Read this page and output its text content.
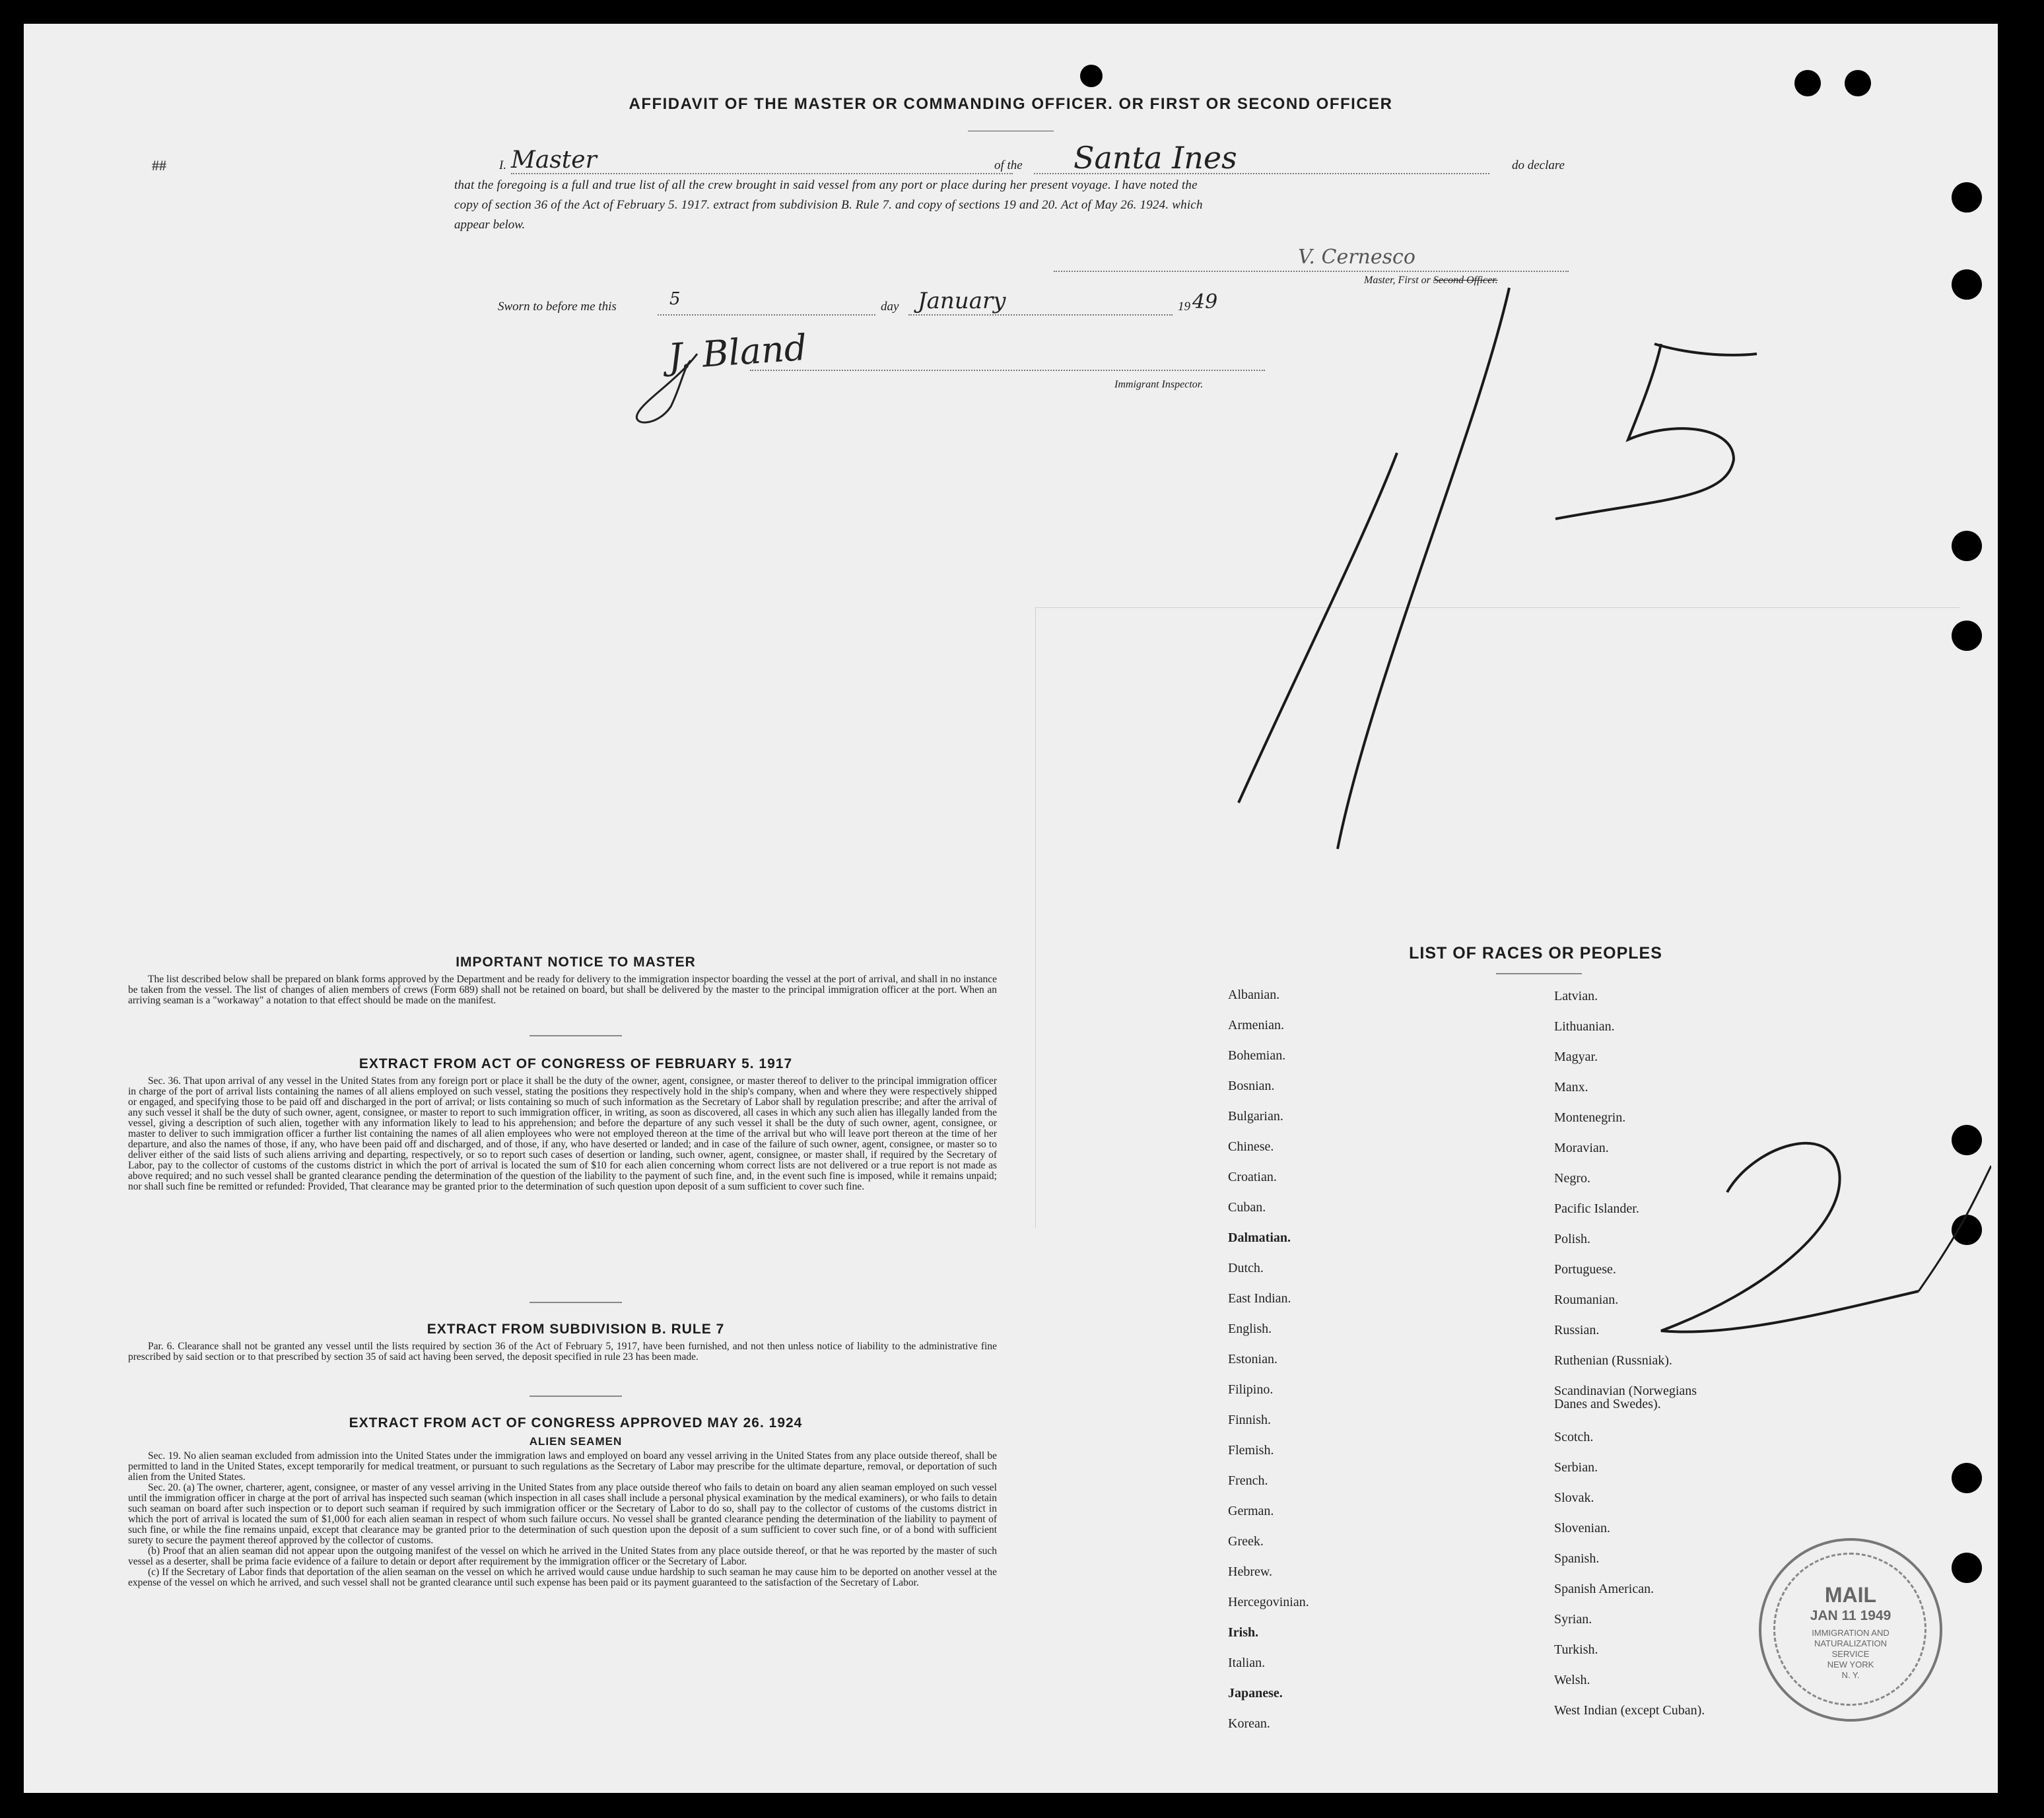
AFFIDAVIT OF THE MASTER OR COMMANDING OFFICER. OR FIRST OR SECOND OFFICER
##	I. Master	of the Santa Ines	do declare
that the foregoing is a full and true list of all the crew brought in said vessel from any port or place during her present voyage. I have noted the
copy of section 36 of the Act of February 5. 1917. extract from subdivision B. Rule 7. and copy of sections 19 and 20. Act of May 26. 1924. which
appear below.
V. Cernesco
Master, First or Second Officer.
Sworn to before me this	5	day January	19 49
J. Bland
Immigrant Inspector.
IMPORTANT NOTICE TO MASTER
The list described below shall be prepared on blank forms approved by the Department and be ready for delivery to the immigration inspector boarding the vessel at the port of arrival, and shall in no instance be taken from the vessel. The list of changes of alien members of crews (Form 689) shall not be retained on board, but shall be delivered by the master to the principal immigration officer at the port. When an arriving seaman is a "workaway" a notation to that effect should be made on the manifest.
EXTRACT FROM ACT OF CONGRESS OF FEBRUARY 5. 1917
Sec. 36. That upon arrival of any vessel in the United States from any foreign port or place it shall be the duty of the owner, agent, consignee, or master thereof to deliver to the principal immigration officer in charge of the port of arrival lists containing the names of all aliens employed on such vessel, stating the positions they respectively hold in the ship's company, when and where they were respectively shipped or engaged, and specifying those to be paid off and discharged in the port of arrival; or lists containing so much of such information as the Secretary of Labor shall by regulation prescribe; and after the arrival of any such vessel it shall be the duty of such owner, agent, consignee, or master to report to such immigration officer, in writing, as soon as discovered, all cases in which any such alien has illegally landed from the vessel, giving a description of such alien, together with any information likely to lead to his apprehension; and before the departure of any such vessel it shall be the duty of such owner, agent, consignee, or master to deliver to such immigration officer a further list containing the names of all alien employees who were not employed thereon at the time of the arrival but who will leave port thereon at the time of her departure, and also the names of those, if any, who have been paid off and discharged, and of those, if any, who have deserted or landed; and in case of the failure of such owner, agent, consignee, or master so to deliver either of the said lists of such aliens arriving and departing, respectively, or so to report such cases of desertion or landing, such owner, agent, consignee, or master shall, if required by the Secretary of Labor, pay to the collector of customs of the customs district in which the port of arrival is located the sum of $10 for each alien concerning whom correct lists are not delivered or a true report is not made as above required; and no such vessel shall be granted clearance pending the determination of the question of the liability to the payment of such fine, and, in the event such fine is imposed, while it remains unpaid; nor shall such fine be remitted or refunded: Provided, That clearance may be granted prior to the determination of such question upon deposit of a sum sufficient to cover such fine.
EXTRACT FROM SUBDIVISION B. RULE 7
Par. 6. Clearance shall not be granted any vessel until the lists required by section 36 of the Act of February 5, 1917, have been furnished, and not then unless notice of liability to the administrative fine prescribed by said section or to that prescribed by section 35 of said act having been served, the deposit specified in rule 23 has been made.
EXTRACT FROM ACT OF CONGRESS APPROVED MAY 26. 1924
ALIEN SEAMEN
Sec. 19. No alien seaman excluded from admission into the United States under the immigration laws and employed on board any vessel arriving in the United States from any place outside thereof, shall be permitted to land in the United States, except temporarily for medical treatment, or pursuant to such regulations as the Secretary of Labor may prescribe for the ultimate departure, removal, or deportation of such alien from the United States.
Sec. 20. (a) The owner, charterer, agent, consignee, or master of any vessel arriving in the United States from any place outside thereof who fails to detain on board any alien seaman employed on such vessel until the immigration officer in charge at the port of arrival has inspected such seaman (which inspection in all cases shall include a personal physical examination by the medical examiners), or who fails to detain such seaman on board after such inspection or to deport such seaman if required by such immigration officer or the Secretary of Labor to do so, shall pay to the collector of customs of the customs district in which the port of arrival is located the sum of $1,000 for each alien seaman in respect of whom such failure occurs. No vessel shall be granted clearance pending the determination of the liability to payment of such fine, or while the fine remains unpaid, except that clearance may be granted prior to the determination of such question upon the deposit of a sum sufficient to cover such fine, or of a bond with sufficient surety to secure the payment thereof approved by the collector of customs.
(b) Proof that an alien seaman did not appear upon the outgoing manifest of the vessel on which he arrived in the United States from any place outside thereof, or that he was reported by the master of such vessel as a deserter, shall be prima facie evidence of a failure to detain or deport after requirement by the immigration officer or the Secretary of Labor.
(c) If the Secretary of Labor finds that deportation of the alien seaman on the vessel on which he arrived would cause undue hardship to such seaman he may cause him to be deported on another vessel at the expense of the vessel on which he arrived, and such vessel shall not be granted clearance until such expense has been paid or its payment guaranteed to the satisfaction of the Secretary of Labor.
LIST OF RACES OR PEOPLES
MAIL
JAN 11 1949
IMMIGRATION AND
NATURALIZATION
SERVICE
NEW YORK
N. Y.
Albanian.
Armenian.
Bohemian.
Bosnian.
Bulgarian.
Chinese.
Croatian.
Cuban.
Dalmatian.
Dutch.
East Indian.
English.
Estonian.
Filipino.
Finnish.
Flemish.
French.
German.
Greek.
Hebrew.
Hercegovinian.
Irish.
Italian.
Japanese.
Korean.
Latvian.
Lithuanian.
Magyar.
Manx.
Montenegrin.
Moravian.
Negro.
Pacific Islander.
Polish.
Portuguese.
Roumanian.
Russian.
Ruthenian (Russniak).
Scandinavian (Norwegians
Danes and Swedes).
Scotch.
Serbian.
Slovak.
Slovenian.
Spanish.
Spanish American.
Syrian.
Turkish.
Welsh.
West Indian (except Cuban).
